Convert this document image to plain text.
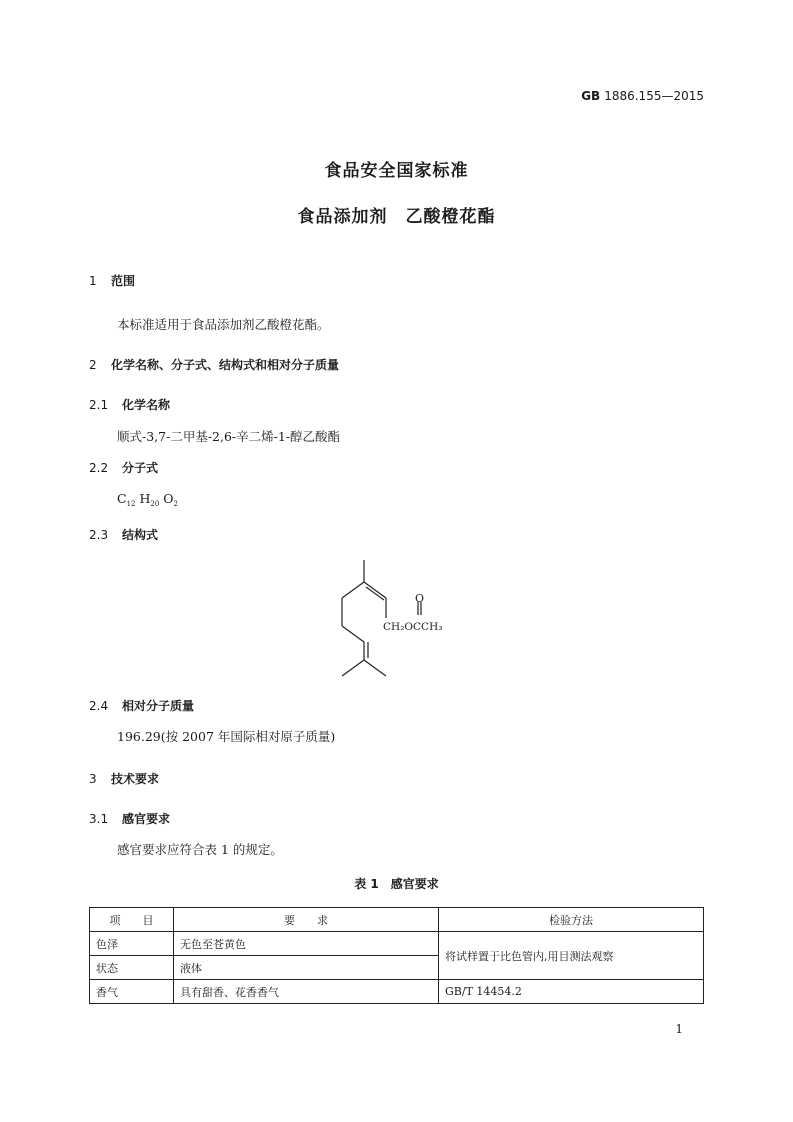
GB 1886.155—2015
食品安全国家标准
食品添加剂　乙酸橙花酯
1 范围
本标准适用于食品添加剂乙酸橙花酯。
2 化学名称、分子式、结构式和相对分子质量
2.1 化学名称
顺式-3,7-二甲基-2,6-辛二烯-1-醇乙酸酯
2.2 分子式
$C_{12}$ $H_{20}$ $O_2$
2.3 结构式
O
CH₂OCCH₃
2.4 相对分子质量
196.29(按 2007 年国际相对原子质量)
3 技术要求
3.1 感官要求
感官要求应符合表 1 的规定。
表 1　感官要求
项　　目	要　　求	检验方法
色泽	无色至苍黄色	将试样置于比色管内,用目测法观察
状态	液体	
香气	具有甜香、花香香气	GB/T 14454.2
1
